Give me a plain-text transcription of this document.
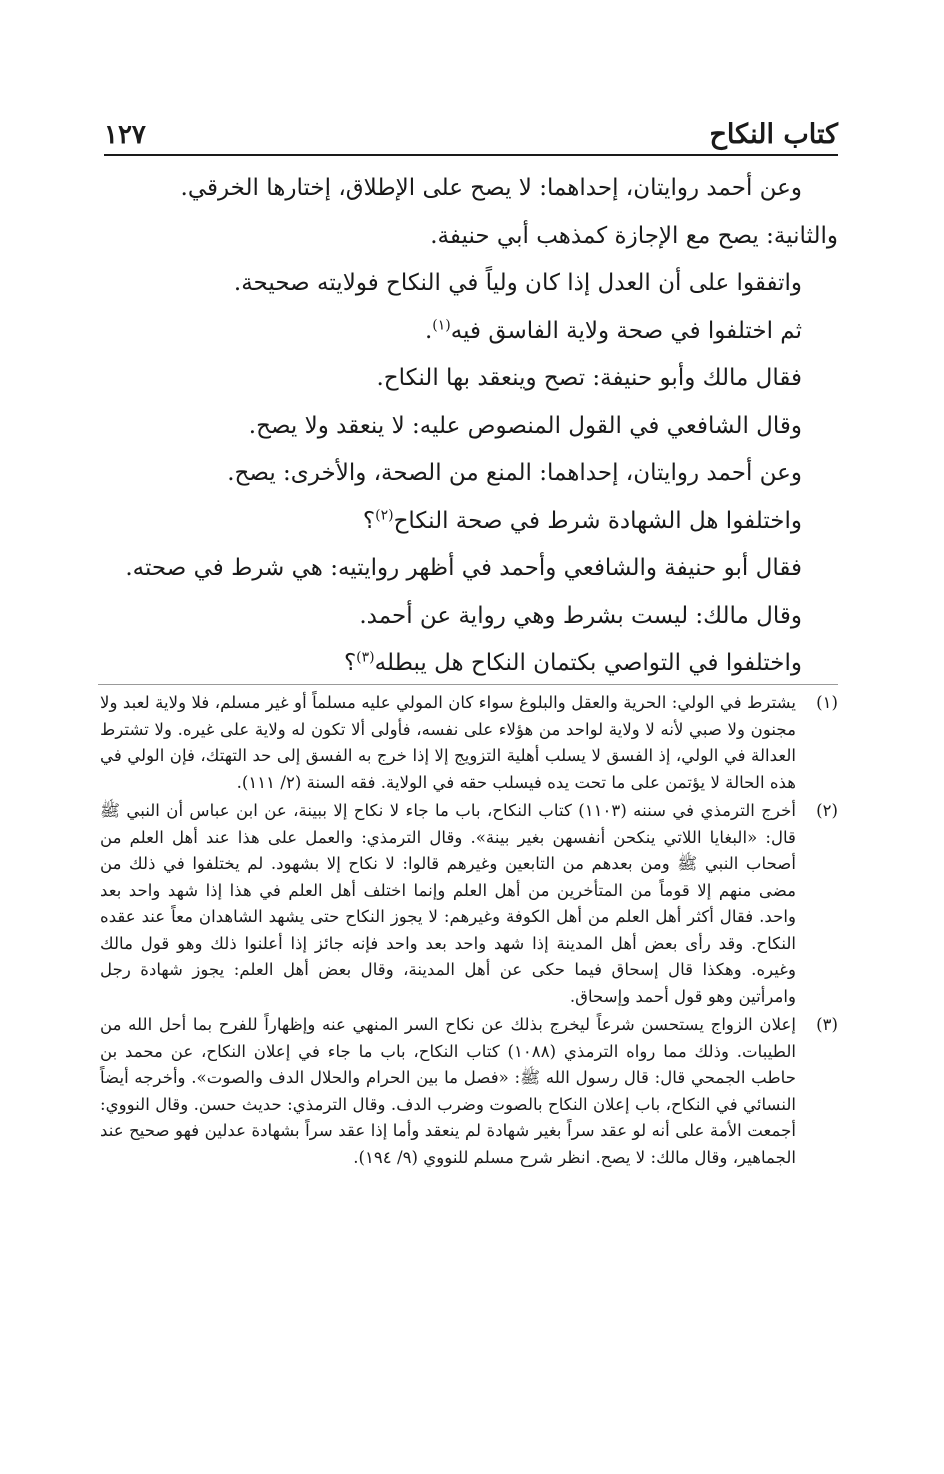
كتاب النكاح
١٢٧
وعن أحمد روايتان، إحداهما: لا يصح على الإطلاق، إختارها الخرقي.
والثانية: يصح مع الإجازة كمذهب أبي حنيفة.
واتفقوا على أن العدل إذا كان ولياً في النكاح فولايته صحيحة.
ثم اختلفوا في صحة ولاية الفاسق فيه$^{(١)}$.
فقال مالك وأبو حنيفة: تصح وينعقد بها النكاح.
وقال الشافعي في القول المنصوص عليه: لا ينعقد ولا يصح.
وعن أحمد روايتان، إحداهما: المنع من الصحة، والأخرى: يصح.
واختلفوا هل الشهادة شرط في صحة النكاح$^{(٢)}$؟
فقال أبو حنيفة والشافعي وأحمد في أظهر روايتيه: هي شرط في صحته.
وقال مالك: ليست بشرط وهي رواية عن أحمد.
واختلفوا في التواصي بكتمان النكاح هل يبطله$^{(٣)}$؟
(١)
يشترط في الولي: الحرية والعقل والبلوغ سواء كان المولي عليه مسلماً أو غير مسلم، فلا ولاية لعبد ولا مجنون ولا صبي لأنه لا ولاية لواحد من هؤلاء على نفسه، فأولى ألا تكون له ولاية على غيره. ولا تشترط العدالة في الولي، إذ الفسق لا يسلب أهلية التزويج إلا إذا خرج به الفسق إلى حد التهتك، فإن الولي في هذه الحالة لا يؤتمن على ما تحت يده فيسلب حقه في الولاية. فقه السنة (٢/ ١١١).
(٢)
أخرج الترمذي في سننه (١١٠٣) كتاب النكاح، باب ما جاء لا نكاح إلا ببينة، عن ابن عباس أن النبي ﷺ قال: «البغايا اللاتي ينكحن أنفسهن بغير بينة». وقال الترمذي: والعمل على هذا عند أهل العلم من أصحاب النبي ﷺ ومن بعدهم من التابعين وغيرهم قالوا: لا نكاح إلا بشهود. لم يختلفوا في ذلك من مضى منهم إلا قوماً من المتأخرين من أهل العلم وإنما اختلف أهل العلم في هذا إذا شهد واحد بعد واحد. فقال أكثر أهل العلم من أهل الكوفة وغيرهم: لا يجوز النكاح حتى يشهد الشاهدان معاً عند عقده النكاح. وقد رأى بعض أهل المدينة إذا شهد واحد بعد واحد فإنه جائز إذا أعلنوا ذلك وهو قول مالك وغيره. وهكذا قال إسحاق فيما حكى عن أهل المدينة، وقال بعض أهل العلم: يجوز شهادة رجل وامرأتين وهو قول أحمد وإسحاق.
(٣)
إعلان الزواج يستحسن شرعاً ليخرج بذلك عن نكاح السر المنهي عنه وإظهاراً للفرح بما أحل الله من الطيبات. وذلك مما رواه الترمذي (١٠٨٨) كتاب النكاح، باب ما جاء في إعلان النكاح، عن محمد بن حاطب الجمحي قال: قال رسول الله ﷺ: «فصل ما بين الحرام والحلال الدف والصوت». وأخرجه أيضاً النسائي في النكاح، باب إعلان النكاح بالصوت وضرب الدف. وقال الترمذي: حديث حسن. وقال النووي: أجمعت الأمة على أنه لو عقد سراً بغير شهادة لم ينعقد وأما إذا عقد سراً بشهادة عدلين فهو صحيح عند الجماهير، وقال مالك: لا يصح. انظر شرح مسلم للنووي (٩/ ١٩٤).
